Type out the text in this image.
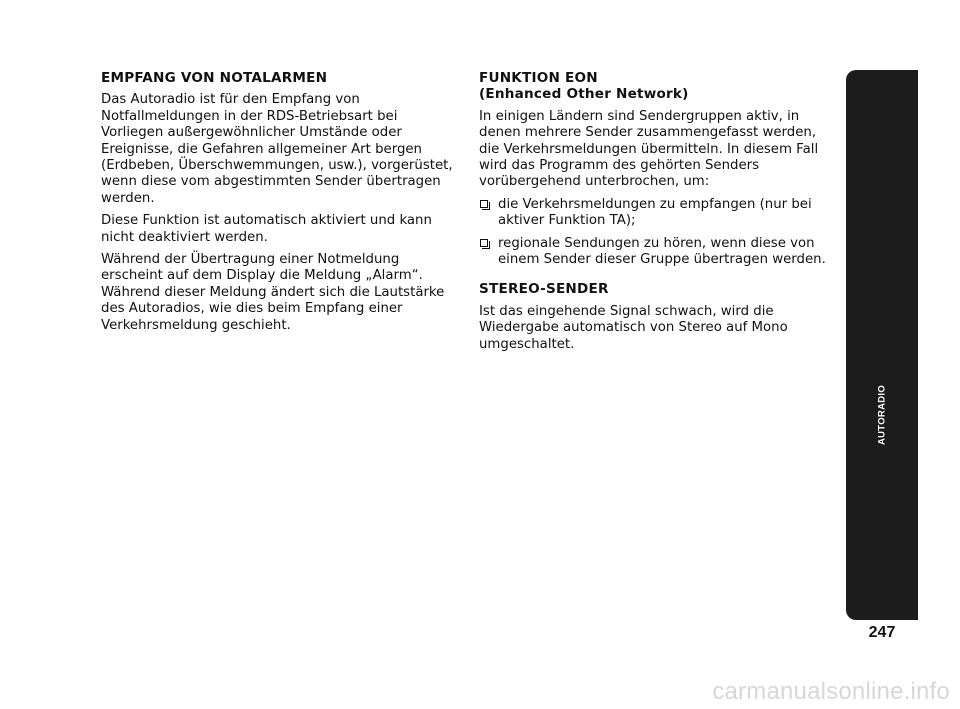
EMPFANG VON NOTALARMEN

Das Autoradio ist für den Empfang von Notfallmeldungen in der RDS-Betriebsart bei Vorliegen außergewöhnlicher Umstände oder Ereignisse, die Gefahren allgemeiner Art bergen (Erdbeben, Überschwemmungen, usw.), vorgerüstet, wenn diese vom abgestimmten Sender übertragen werden.

Diese Funktion ist automatisch aktiviert und kann nicht deaktiviert werden.

Während der Übertragung einer Notmeldung erscheint auf dem Display die Meldung „Alarm“. Während dieser Meldung ändert sich die Lautstärke des Autoradios, wie dies beim Empfang einer Verkehrsmeldung geschieht.

FUNKTION EON
(Enhanced Other Network)

In einigen Ländern sind Sendergruppen aktiv, in denen mehrere Sender zusammengefasst werden, die Verkehrsmeldungen übermitteln. In diesem Fall wird das Programm des gehörten Senders vorübergehend unterbrochen, um:

die Verkehrsmeldungen zu empfangen (nur bei aktiver Funktion TA);
regionale Sendungen zu hören, wenn diese von einem Sender dieser Gruppe übertragen werden.
STEREO-SENDER

Ist das eingehende Signal schwach, wird die Wiedergabe automatisch von Stereo auf Mono umgeschaltet.

AUTORADIO
247
carmanualsonline.info
